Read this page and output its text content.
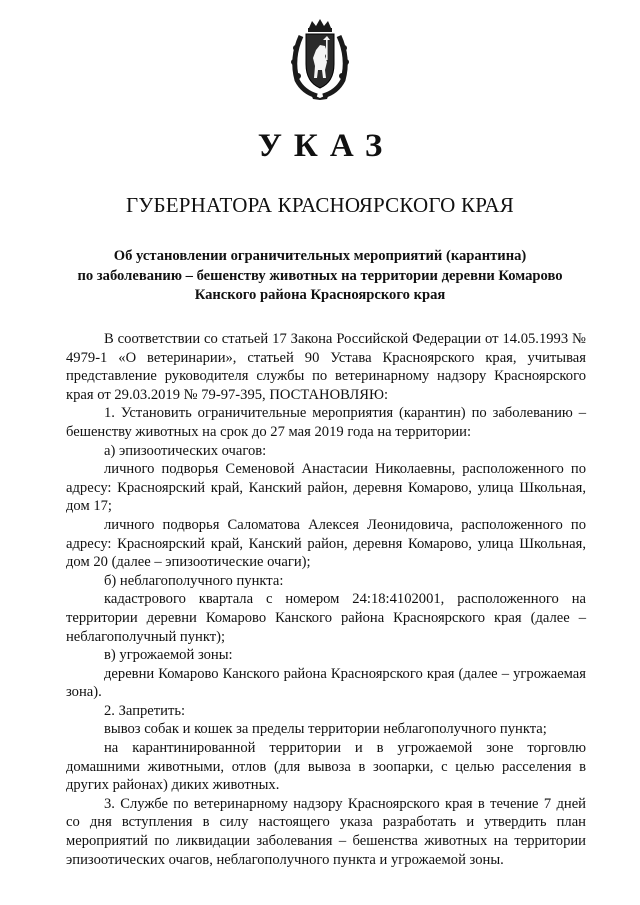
УКАЗ
ГУБЕРНАТОРА КРАСНОЯРСКОГО КРАЯ
Об установлении ограничительных мероприятий (карантина)
по заболеванию – бешенству животных на территории деревни Комарово
Канского района Красноярского края

В соответствии со статьей 17 Закона Российской Федерации от 14.05.1993 № 4979-1 «О ветеринарии», статьей 90 Устава Красноярского края, учитывая представление руководителя службы по ветеринарному надзору Красноярского края от 29.03.2019 № 79-97-395, ПОСТАНОВЛЯЮ:

1. Установить ограничительные мероприятия (карантин) по заболеванию – бешенству животных на срок до 27 мая 2019 года на территории:

а) эпизоотических очагов:

личного подворья Семеновой Анастасии Николаевны, расположенного по адресу: Красноярский край, Канский район, деревня Комарово, улица Школьная, дом 17;

личного подворья Саломатова Алексея Леонидовича, расположенного по адресу: Красноярский край, Канский район, деревня Комарово, улица Школьная, дом 20 (далее – эпизоотические очаги);

б) неблагополучного пункта:

кадастрового квартала с номером 24:18:4102001, расположенного на территории деревни Комарово Канского района Красноярского края (далее – неблагополучный пункт);

в) угрожаемой зоны:

деревни Комарово Канского района Красноярского края (далее – угрожаемая зона).

2. Запретить:

вывоз собак и кошек за пределы территории неблагополучного пункта;

на карантинированной территории и в угрожаемой зоне торговлю домашними животными, отлов (для вывоза в зоопарки, с целью расселения в других районах) диких животных.

3. Службе по ветеринарному надзору Красноярского края в течение 7 дней со дня вступления в силу настоящего указа разработать и утвердить план мероприятий по ликвидации заболевания – бешенства животных на территории эпизоотических очагов, неблагополучного пункта и угрожаемой зоны.
